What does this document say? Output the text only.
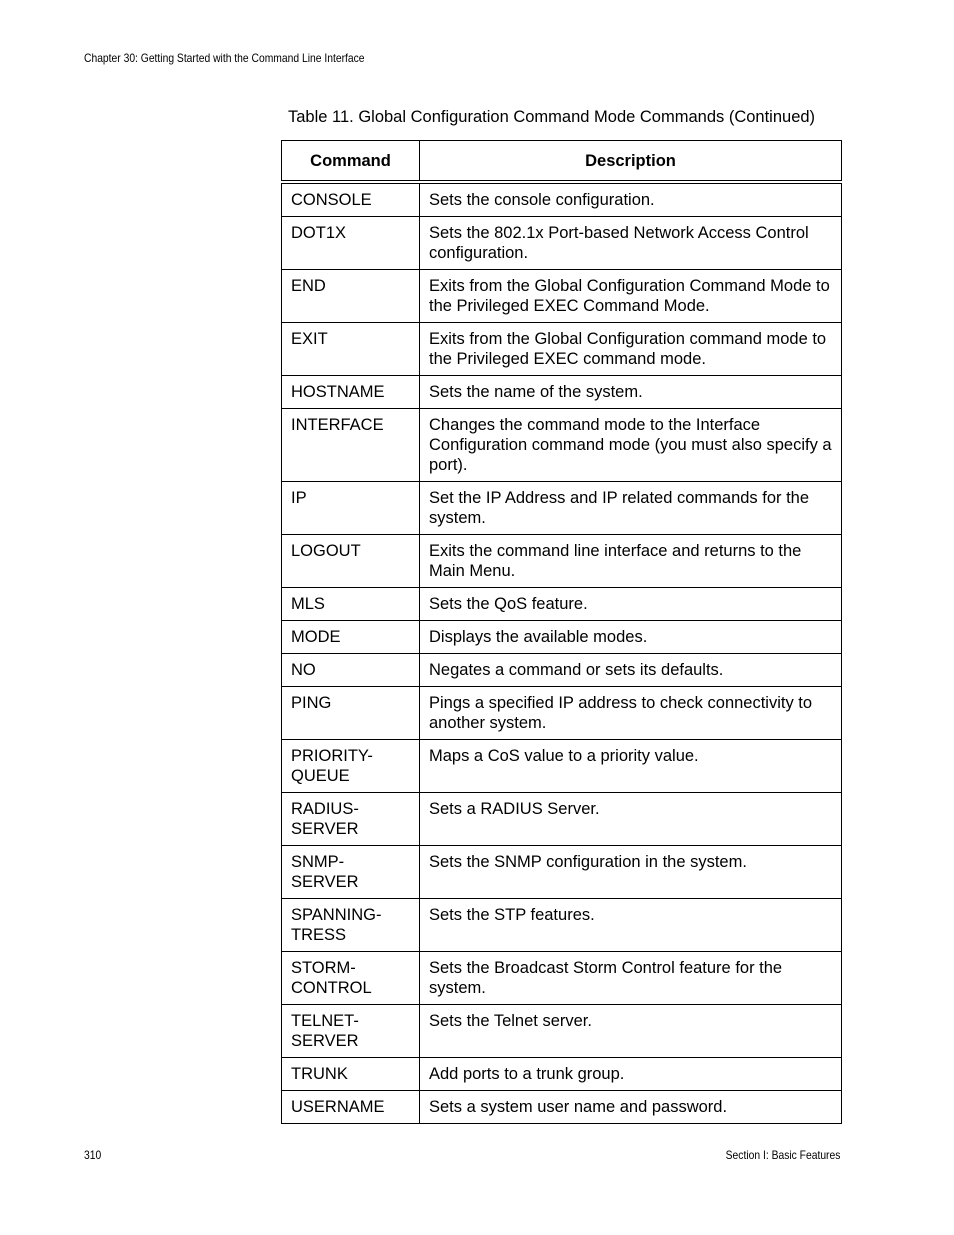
Chapter 30: Getting Started with the Command Line Interface
Table 11. Global Configuration Command Mode Commands (Continued)
Command	Description
CONSOLE	Sets the console configuration.
DOT1X	Sets the 802.1x Port-based Network Access Control configuration.
END	Exits from the Global Configuration Command Mode to the Privileged EXEC Command Mode.
EXIT	Exits from the Global Configuration command mode to the Privileged EXEC command mode.
HOSTNAME	Sets the name of the system.
INTERFACE	Changes the command mode to the Interface Configuration command mode (you must also specify a port).
IP	Set the IP Address and IP related commands for the system.
LOGOUT	Exits the command line interface and returns to the Main Menu.
MLS	Sets the QoS feature.
MODE	Displays the available modes.
NO	Negates a command or sets its defaults.
PING	Pings a specified IP address to check connectivity to another system.
PRIORITY-QUEUE	Maps a CoS value to a priority value.
RADIUS-SERVER	Sets a RADIUS Server.
SNMP-SERVER	Sets the SNMP configuration in the system.
SPANNING-TRESS	Sets the STP features.
STORM-CONTROL	Sets the Broadcast Storm Control feature for the system.
TELNET-SERVER	Sets the Telnet server.
TRUNK	Add ports to a trunk group.
USERNAME	Sets a system user name and password.
310	Section I: Basic Features
